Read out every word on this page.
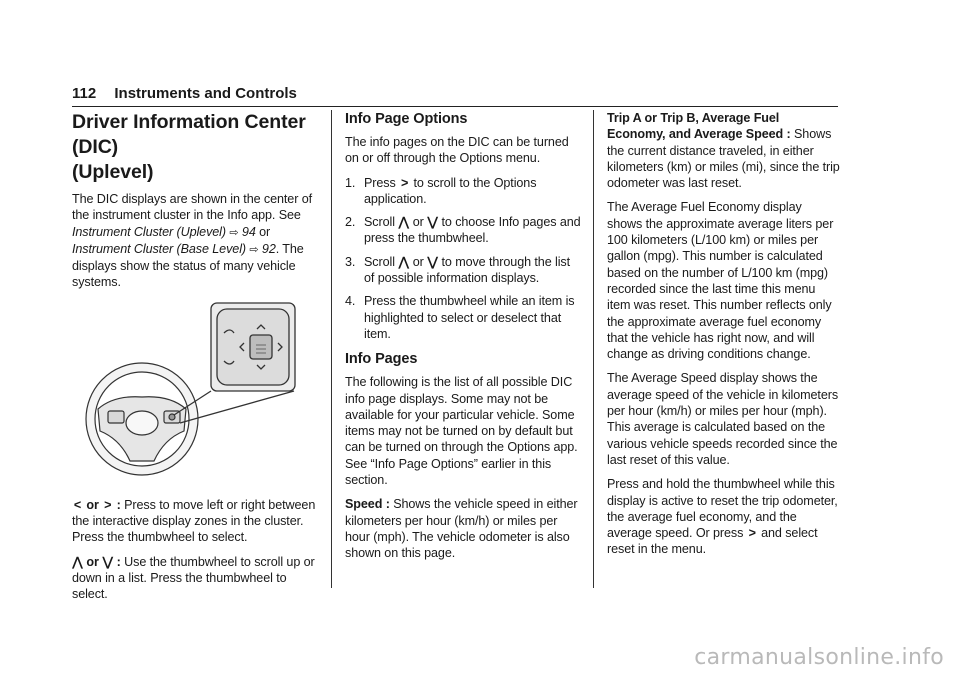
112 Instruments and Controls
Driver Information Center (DIC)
(Uplevel)

The DIC displays are shown in the center of the instrument cluster in the Info app. See Instrument Cluster (Uplevel) ⇨ 94 or Instrument Cluster (Base Level) ⇨ 92. The displays show the status of many vehicle systems.

< or > : Press to move left or right between the interactive display zones in the cluster. Press the thumbwheel to select.

⋀ or ⋁ : Use the thumbwheel to scroll up or down in a list. Press the thumbwheel to select.

Info Page Options

The info pages on the DIC can be turned on or off through the Options menu.

1. Press > to scroll to the Options application.
2. Scroll ⋀ or ⋁ to choose Info pages and press the thumbwheel.
3. Scroll ⋀ or ⋁ to move through the list of possible information displays.
4. Press the thumbwheel while an item is highlighted to select or deselect that item.
Info Pages

The following is the list of all possible DIC info page displays. Some may not be available for your particular vehicle. Some items may not be turned on by default but can be turned on through the Options app. See “Info Page Options” earlier in this section.

Speed : Shows the vehicle speed in either kilometers per hour (km/h) or miles per hour (mph). The vehicle odometer is also shown on this page.

Trip A or Trip B, Average Fuel Economy, and Average Speed : Shows the current distance traveled, in either kilometers (km) or miles (mi), since the trip odometer was last reset.

The Average Fuel Economy display shows the approximate average liters per 100 kilometers (L/100 km) or miles per gallon (mpg). This number is calculated based on the number of L/100 km (mpg) recorded since the last time this menu item was reset. This number reflects only the approximate average fuel economy that the vehicle has right now, and will change as driving conditions change.

The Average Speed display shows the average speed of the vehicle in kilometers per hour (km/h) or miles per hour (mph). This average is calculated based on the various vehicle speeds recorded since the last reset of this value.

Press and hold the thumbwheel while this display is active to reset the trip odometer, the average fuel economy, and the average speed. Or press > and select reset in the menu.

carmanualsonline.info
